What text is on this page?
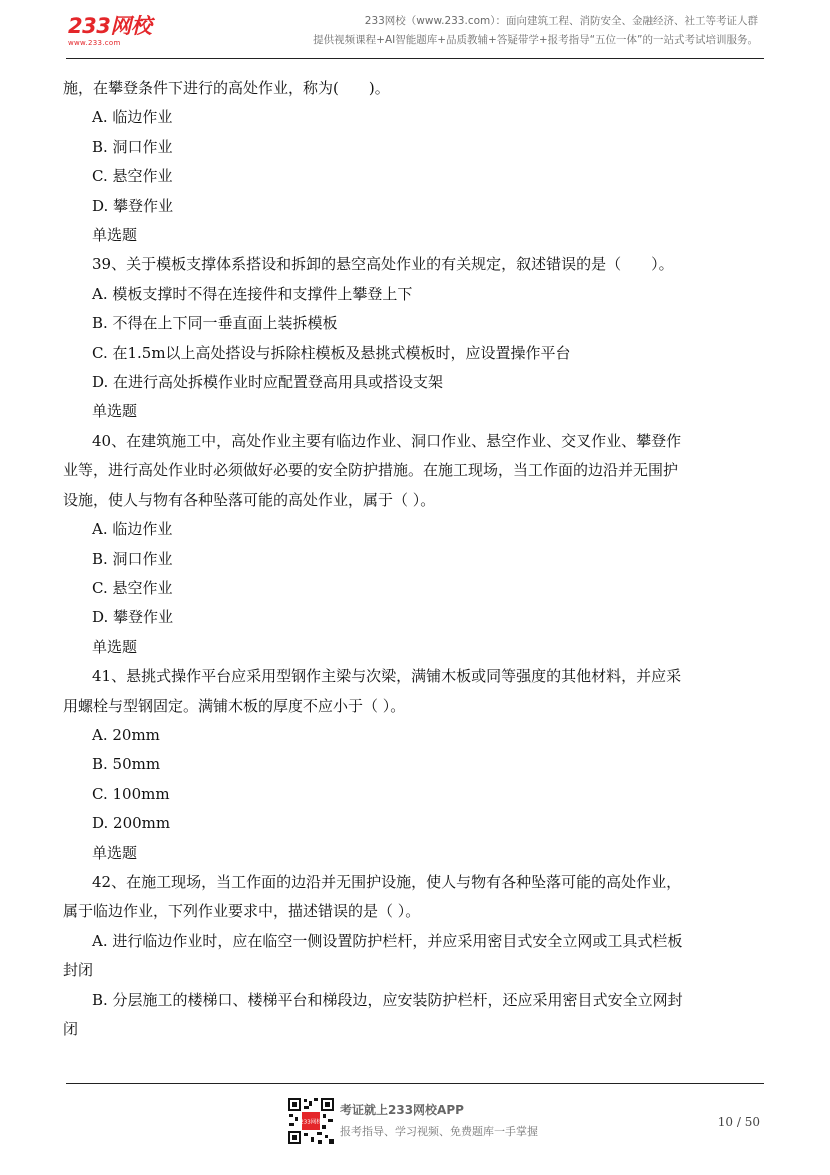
233网校
www.233.com
233网校（www.233.com）：面向建筑工程、消防安全、金融经济、社工等考证人群
提供视频课程+AI智能题库+品质教辅+答疑带学+报考指导“五位一体”的一站式考试培训服务。
施，在攀登条件下进行的高处作业，称为(　　)。
A. 临边作业
B. 洞口作业
C. 悬空作业
D. 攀登作业
单选题
39、关于模板支撑体系搭设和拆卸的悬空高处作业的有关规定，叙述错误的是（　　）。
A. 模板支撑时不得在连接件和支撑件上攀登上下
B. 不得在上下同一垂直面上装拆模板
C. 在1.5m以上高处搭设与拆除柱模板及悬挑式模板时，应设置操作平台
D. 在进行高处拆模作业时应配置登高用具或搭设支架
单选题
40、在建筑施工中，高处作业主要有临边作业、洞口作业、悬空作业、交叉作业、攀登作
业等，进行高处作业时必须做好必要的安全防护措施。在施工现场，当工作面的边沿并无围护
设施，使人与物有各种坠落可能的高处作业，属于（ ）。
A. 临边作业
B. 洞口作业
C. 悬空作业
D. 攀登作业
单选题
41、悬挑式操作平台应采用型钢作主梁与次梁，满铺木板或同等强度的其他材料，并应采
用螺栓与型钢固定。满铺木板的厚度不应小于（ ）。
A. 20mm
B. 50mm
C. 100mm
D. 200mm
单选题
42、在施工现场，当工作面的边沿并无围护设施，使人与物有各种坠落可能的高处作业，
属于临边作业，下列作业要求中，描述错误的是（ ）。
A. 进行临边作业时，应在临空一侧设置防护栏杆，并应采用密目式安全立网或工具式栏板
封闭
B. 分层施工的楼梯口、楼梯平台和梯段边，应安装防护栏杆，还应采用密目式安全立网封
闭
233网校
考证就上233网校APP
报考指导、学习视频、免费题库一手掌握
10 / 50
